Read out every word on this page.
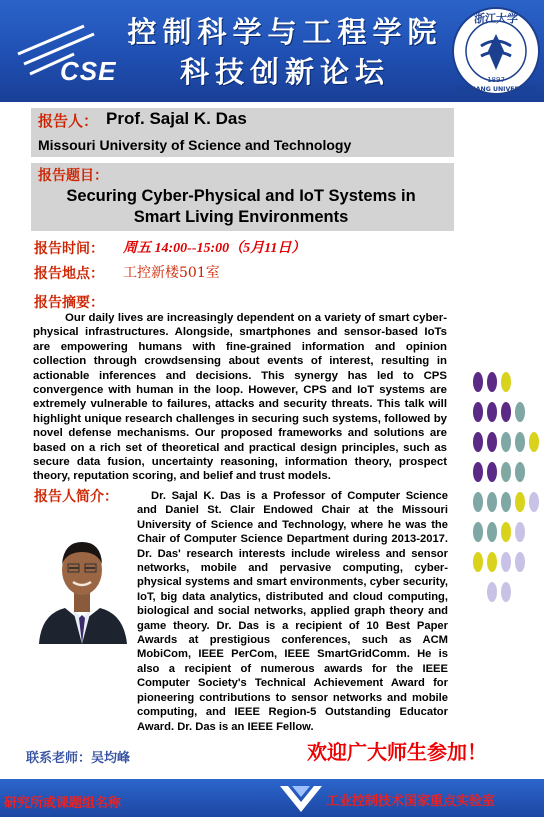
CSE
控制科学与工程学院
科技创新论坛
浙江大学
1897
ZHEJIANG UNIVERSITY
报告人： Prof. Sajal K. Das
Missouri University of Science and Technology
报告题目：
Securing Cyber-Physical and IoT Systems in
Smart Living Environments
报告时间： 周五 14:00--15:00（5月11日）
报告地点： 工控新楼501室
报告摘要：
Our daily lives are increasingly dependent on a variety of smart cyber-physical infrastructures. Alongside, smartphones and sensor-based IoTs are empowering humans with fine-grained information and opinion collection through crowdsensing about events of interest, resulting in actionable inferences and decisions. This synergy has led to CPS convergence with human in the loop. However, CPS and IoT systems are extremely vulnerable to failures, attacks and security threats. This talk will highlight unique research challenges in securing such systems, followed by novel defense mechanisms. Our proposed frameworks and solutions are based on a rich set of theoretical and practical design principles, such as secure data fusion, uncertainty reasoning, information theory, prospect theory, reputation scoring, and belief and trust models.
报告人简介：	Dr. Sajal K. Das is a Professor of Computer Science and Daniel St. Clair Endowed Chair at the Missouri University of Science and Technology, where he was the Chair of Computer Science Department during 2013-2017. Dr. Das' research interests include wireless and sensor networks, mobile and pervasive computing, cyber-physical systems and smart environments, cyber security, IoT, big data analytics, distributed and cloud computing, biological and social networks, applied graph theory and game theory. Dr. Das is a recipient of 10 Best Paper Awards at prestigious conferences, such as ACM MobiCom, IEEE PerCom, IEEE SmartGridComm. He is also a recipient of numerous awards for the IEEE Computer Society's Technical Achievement Award for pioneering contributions to sensor networks and mobile computing, and IEEE Region-5 Outstanding Educator Award. Dr. Das is an IEEE Fellow.
联系老师：吴均峰	欢迎广大师生参加！
研究所或课题组名称	工业控制技术国家重点实验室
